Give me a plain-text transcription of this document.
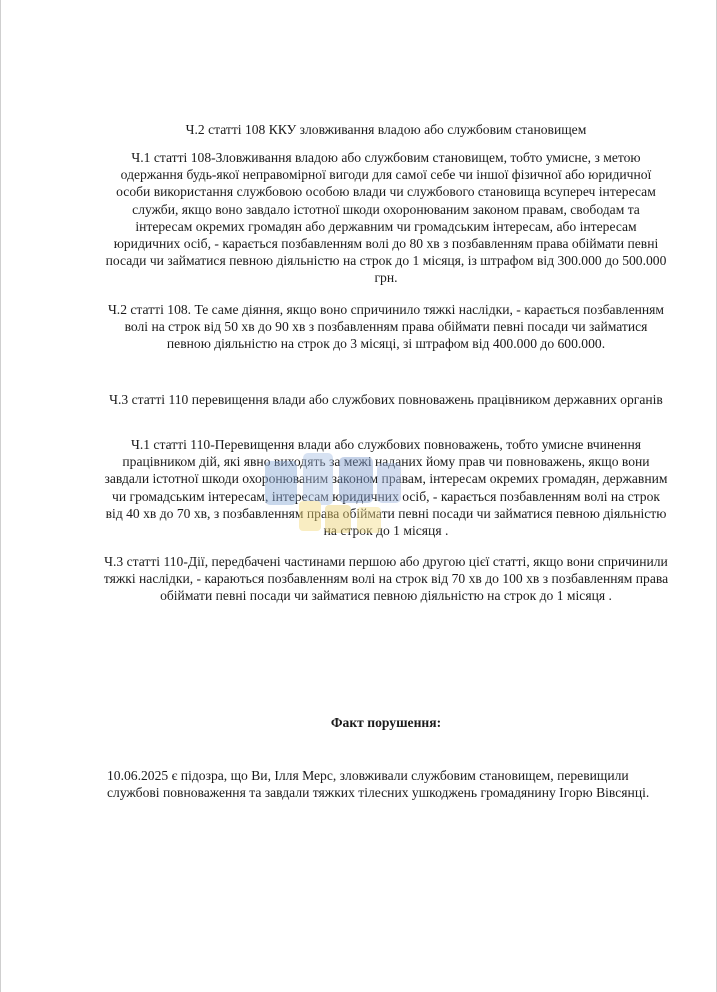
Ч.2 статті 108 ККУ зловживання владою або службовим становищем

Ч.1 статті 108-Зловживання владою або службовим становищем, тобто умисне, з метою одержання будь-якої неправомірної вигоди для самої себе чи іншої фізичної або юридичної особи використання службовою особою влади чи службового становища всупереч інтересам служби, якщо воно завдало істотної шкоди охоронюваним законом правам, свободам та інтересам окремих громадян або державним чи громадським інтересам, або інтересам юридичних осіб, - карається позбавленням волі до 80 хв з позбавленням права обіймати певні посади чи займатися певною діяльністю на строк до 1 місяця, із штрафом від 300.000 до 500.000 грн.

Ч.2 статті 108. Те саме діяння, якщо воно спричинило тяжкі наслідки, - карається позбавленням волі на строк від 50 хв до 90 хв з позбавленням права обіймати певні посади чи займатися певною діяльністю на строк до 3 місяці, зі штрафом від 400.000 до 600.000.

Ч.3 статті 110 перевищення влади або службових повноважень працівником державних органів

Ч.1 статті 110-Перевищення влади або службових повноважень, тобто умисне вчинення працівником дій, які явно виходять за межі наданих йому прав чи повноважень, якщо вони завдали істотної шкоди охоронюваним законом правам, інтересам окремих громадян, державним чи громадським інтересам, інтересам юридичних осіб, - карається позбавленням волі на строк від 40 хв до 70 хв, з позбавленням права обіймати певні посади чи займатися певною діяльністю на строк до 1 місяця .

Ч.3 статті 110-Дії, передбачені частинами першою або другою цієї статті, якщо вони спричинили тяжкі наслідки, - караються позбавленням волі на строк від 70 хв до 100 хв з позбавленням права обіймати певні посади чи займатися певною діяльністю на строк до 1 місяця .

Факт порушення:

10.06.2025 є підозра, що Ви, Ілля Мерс, зловживали службовим становищем, перевищили службові повноваження та завдали тяжких тілесних ушкоджень громадянину Ігорю Вівсянці.
